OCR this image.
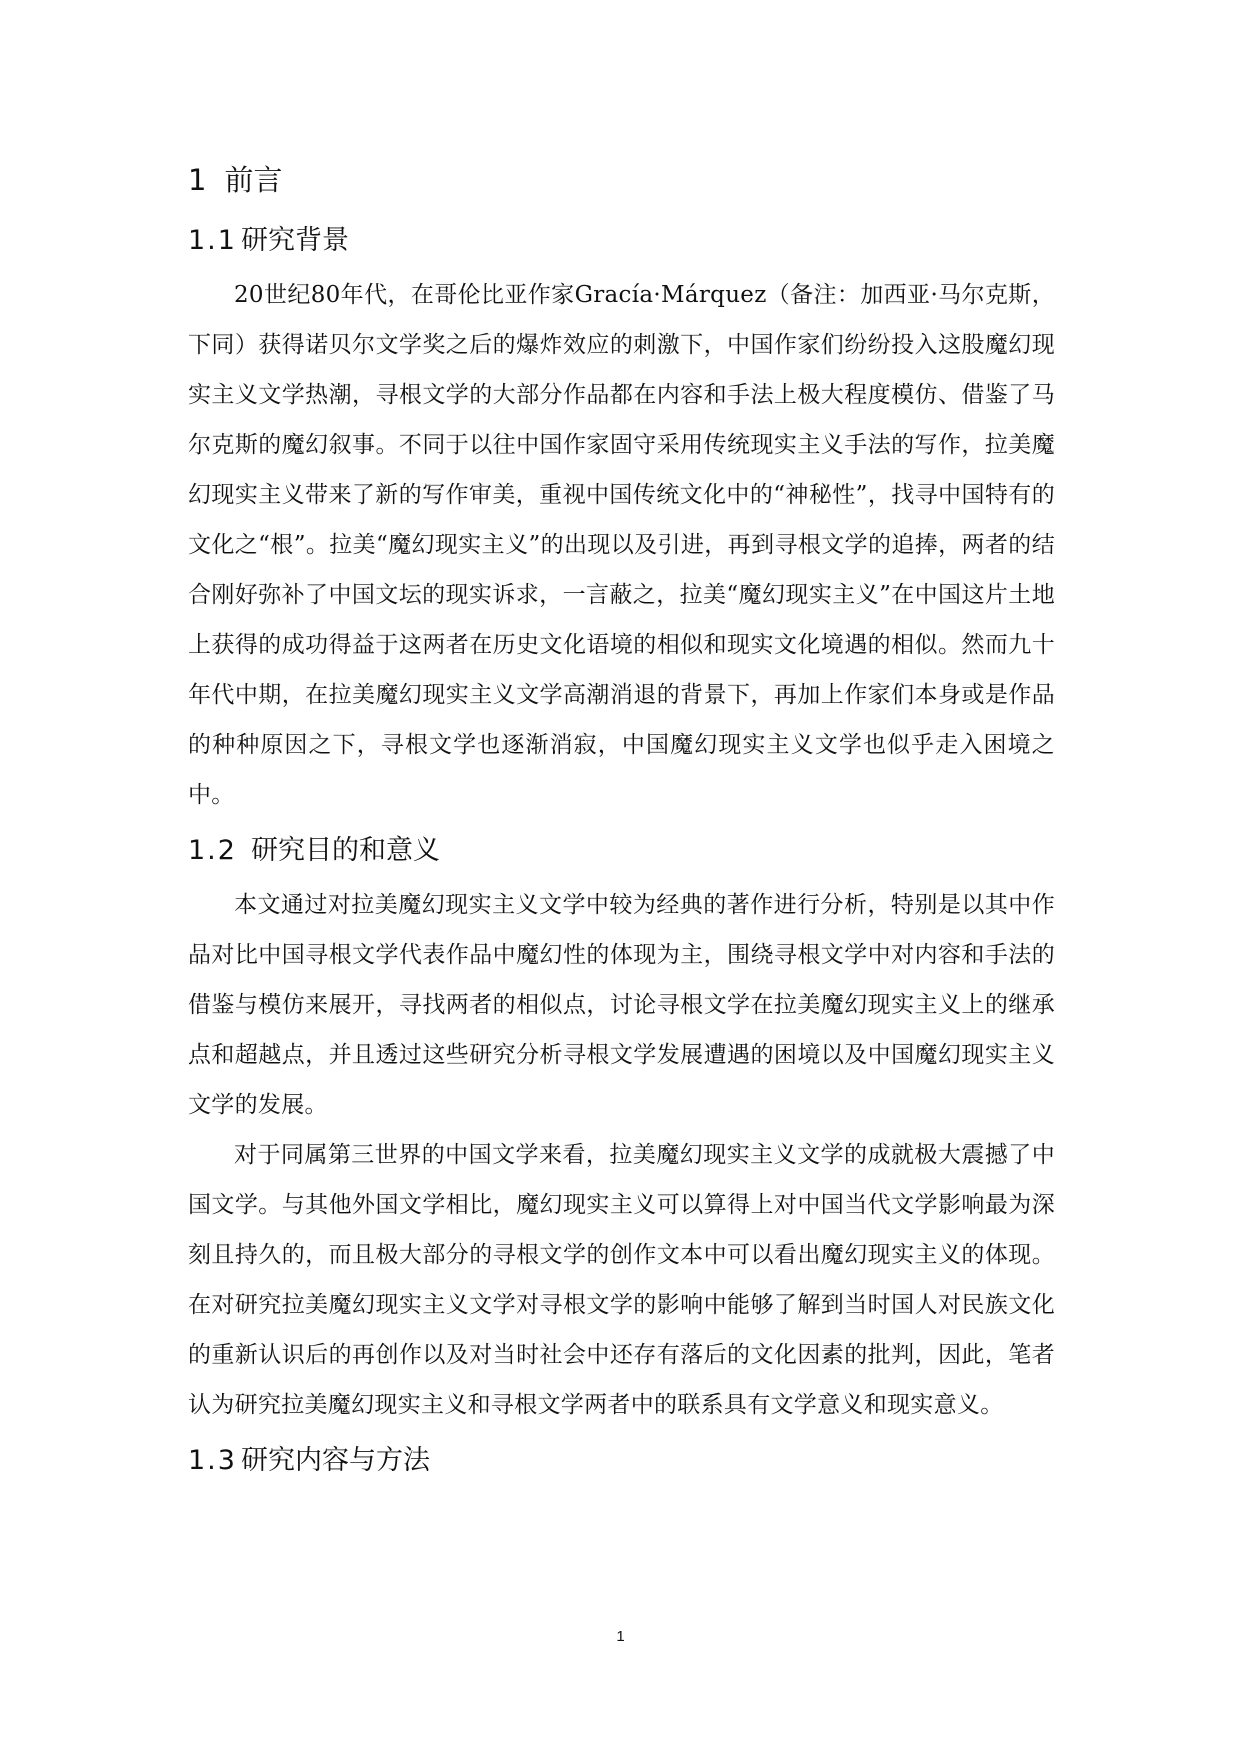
1 前言
1.1 研究背景

20世纪80年代，在哥伦比亚作家Gracía·Márquez（备注：加西亚·马尔克斯，下同）获得诺贝尔文学奖之后的爆炸效应的刺激下，中国作家们纷纷投入这股魔幻现实主义文学热潮，寻根文学的大部分作品都在内容和手法上极大程度模仿、借鉴了马尔克斯的魔幻叙事。不同于以往中国作家固守采用传统现实主义手法的写作，拉美魔幻现实主义带来了新的写作审美，重视中国传统文化中的“神秘性”，找寻中国特有的文化之“根”。拉美“魔幻现实主义”的出现以及引进，再到寻根文学的追捧，两者的结合刚好弥补了中国文坛的现实诉求，一言蔽之，拉美“魔幻现实主义”在中国这片土地上获得的成功得益于这两者在历史文化语境的相似和现实文化境遇的相似。然而九十年代中期，在拉美魔幻现实主义文学高潮消退的背景下，再加上作家们本身或是作品的种种原因之下，寻根文学也逐渐消寂，中国魔幻现实主义文学也似乎走入困境之中。

1.2 研究目的和意义

本文通过对拉美魔幻现实主义文学中较为经典的著作进行分析，特别是以其中作品对比中国寻根文学代表作品中魔幻性的体现为主，围绕寻根文学中对内容和手法的借鉴与模仿来展开，寻找两者的相似点，讨论寻根文学在拉美魔幻现实主义上的继承点和超越点，并且透过这些研究分析寻根文学发展遭遇的困境以及中国魔幻现实主义文学的发展。

对于同属第三世界的中国文学来看，拉美魔幻现实主义文学的成就极大震撼了中国文学。与其他外国文学相比，魔幻现实主义可以算得上对中国当代文学影响最为深刻且持久的，而且极大部分的寻根文学的创作文本中可以看出魔幻现实主义的体现。在对研究拉美魔幻现实主义文学对寻根文学的影响中能够了解到当时国人对民族文化的重新认识后的再创作以及对当时社会中还存有落后的文化因素的批判，因此，笔者认为研究拉美魔幻现实主义和寻根文学两者中的联系具有文学意义和现实意义。

1.3 研究内容与方法
1
